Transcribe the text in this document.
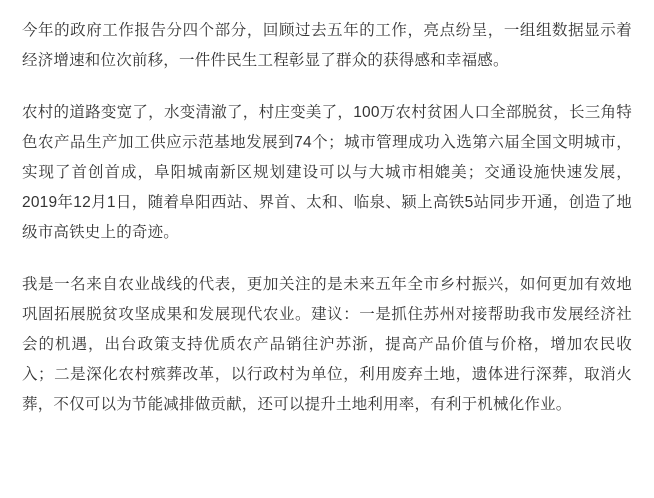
今年的政府工作报告分四个部分，回顾过去五年的工作，亮点纷呈，一组组数据显示着经济增速和位次前移，一件件民生工程彰显了群众的获得感和幸福感。

农村的道路变宽了，水变清澈了，村庄变美了，100万农村贫困人口全部脱贫，长三角特色农产品生产加工供应示范基地发展到74个；城市管理成功入选第六届全国文明城市，实现了首创首成，阜阳城南新区规划建设可以与大城市相媲美；交通设施快速发展，2019年12月1日，随着阜阳西站、界首、太和、临泉、颍上高铁5站同步开通，创造了地级市高铁史上的奇迹。

我是一名来自农业战线的代表，更加关注的是未来五年全市乡村振兴，如何更加有效地巩固拓展脱贫攻坚成果和发展现代农业。建议：一是抓住苏州对接帮助我市发展经济社会的机遇，出台政策支持优质农产品销往沪苏浙，提高产品价值与价格，增加农民收入；二是深化农村殡葬改革，以行政村为单位，利用废弃土地，遗体进行深葬，取消火葬，不仅可以为节能减排做贡献，还可以提升土地利用率，有利于机械化作业。
